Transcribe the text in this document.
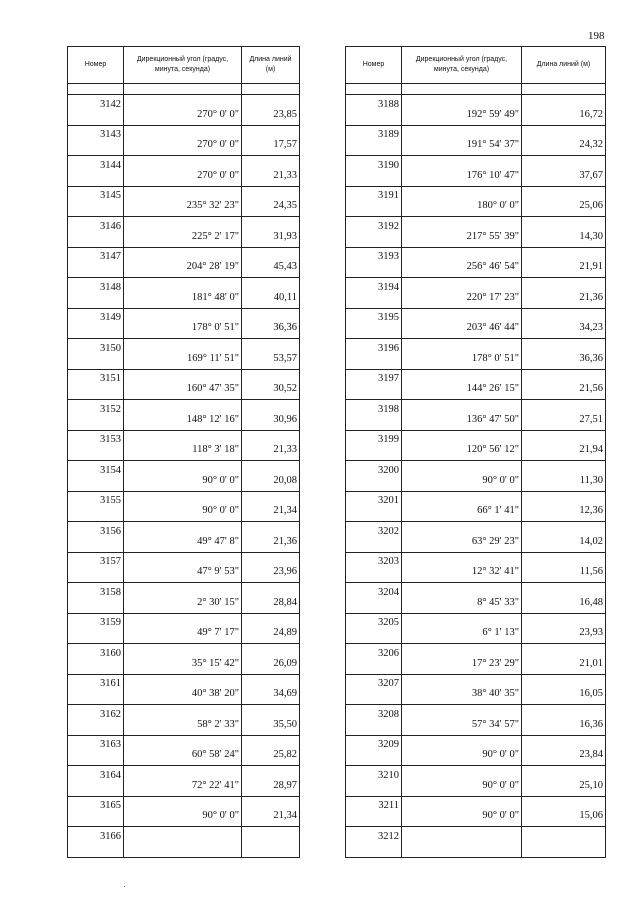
198
Номер	Дирекционный угол (градус, минута, секунда)	Длина линий (м)

3142	270° 0' 0"	23,85
3143	270° 0' 0"	17,57
3144	270° 0' 0"	21,33
3145	235° 32' 23"	24,35
3146	225° 2' 17"	31,93
3147	204° 28' 19"	45,43
3148	181° 48' 0"	40,11
3149	178° 0' 51"	36,36
3150	169° 11' 51"	53,57
3151	160° 47' 35"	30,52
3152	148° 12' 16"	30,96
3153	118° 3' 18"	21,33
3154	90° 0' 0"	20,08
3155	90° 0' 0"	21,34
3156	49° 47' 8"	21,36
3157	47° 9' 53"	23,96
3158	2° 30' 15"	28,84
3159	49° 7' 17"	24,89
3160	35° 15' 42"	26,09
3161	40° 38' 20"	34,69
3162	58° 2' 33"	35,50
3163	60° 58' 24"	25,82
3164	72° 22' 41"	28,97
3165	90° 0' 0"	21,34
3166		
Номер	Дирекционный угол (градус, минута, секунда)	Длина линий (м)

3188	192° 59' 49"	16,72
3189	191° 54' 37"	24,32
3190	176° 10' 47"	37,67
3191	180° 0' 0"	25,06
3192	217° 55' 39"	14,30
3193	256° 46' 54"	21,91
3194	220° 17' 23"	21,36
3195	203° 46' 44"	34,23
3196	178° 0' 51"	36,36
3197	144° 26' 15"	21,56
3198	136° 47' 50"	27,51
3199	120° 56' 12"	21,94
3200	90° 0' 0"	11,30
3201	66° 1' 41"	12,36
3202	63° 29' 23"	14,02
3203	12° 32' 41"	11,56
3204	8° 45' 33"	16,48
3205	6° 1' 13"	23,93
3206	17° 23' 29"	21,01
3207	38° 40' 35"	16,05
3208	57° 34' 57"	16,36
3209	90° 0' 0"	23,84
3210	90° 0' 0"	25,10
3211	90° 0' 0"	15,06
3212		
